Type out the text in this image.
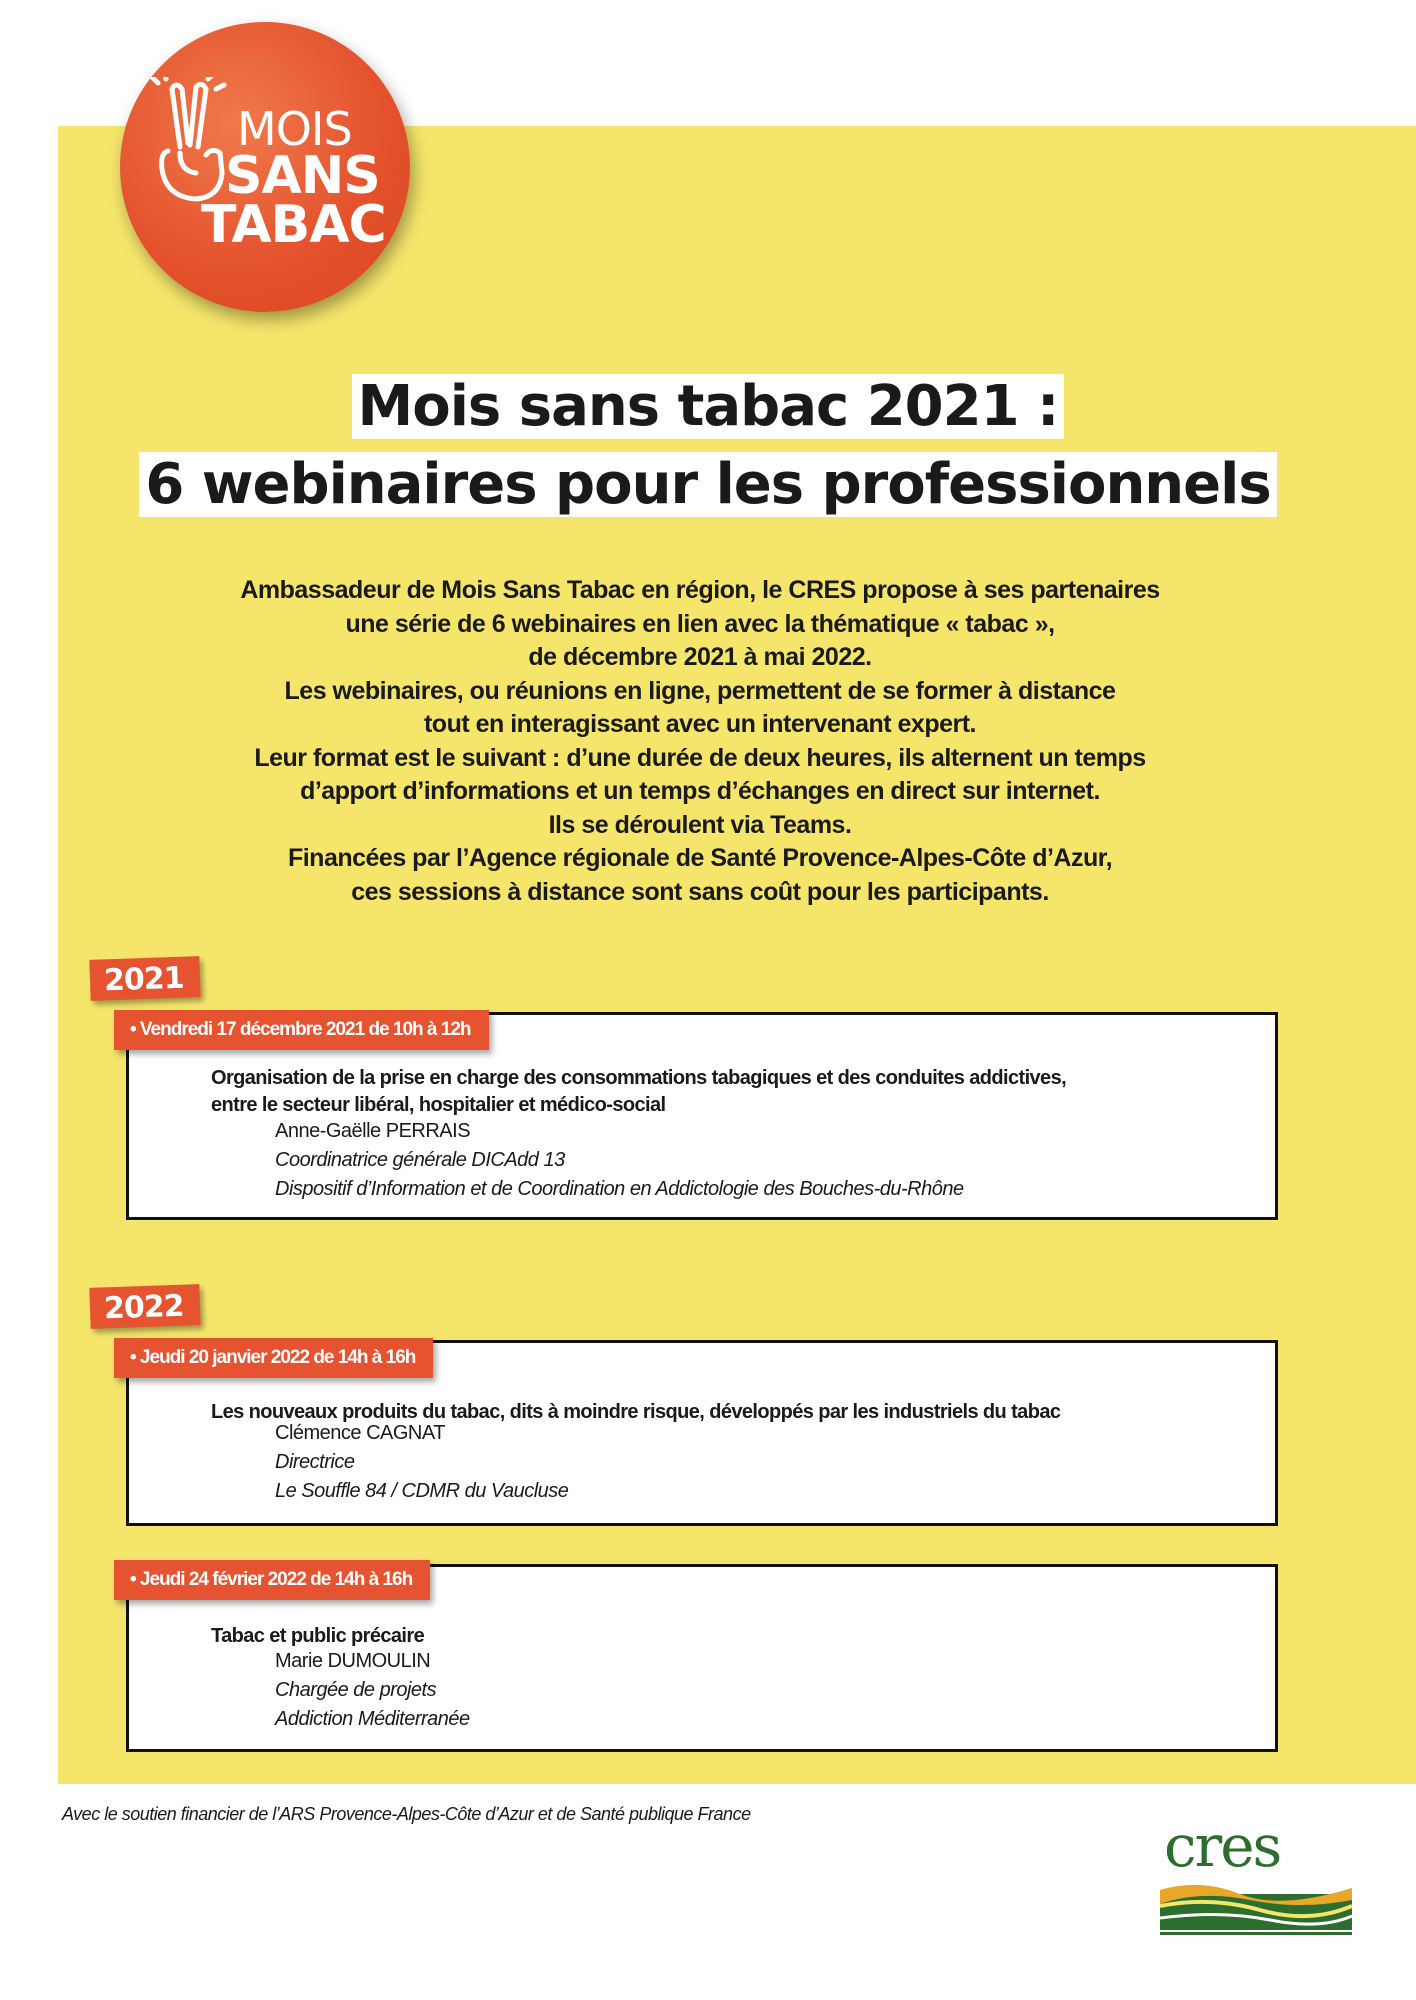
MOIS
SANS
TABAC
Mois sans tabac 2021 :
6 webinaires pour les professionnels
Ambassadeur de Mois Sans Tabac en région, le CRES propose à ses partenaires
une série de 6 webinaires en lien avec la thématique « tabac »,
de décembre 2021 à mai 2022.
Les webinaires, ou réunions en ligne, permettent de se former à distance
tout en interagissant avec un intervenant expert.
Leur format est le suivant : d’une durée de deux heures, ils alternent un temps
d’apport d’informations et un temps d’échanges en direct sur internet.
Ils se déroulent via Teams.
Financées par l’Agence régionale de Santé Provence-Alpes-Côte d’Azur,
ces sessions à distance sont sans coût pour les participants.
2021
Organisation de la prise en charge des consommations tabagiques et des conduites addictives,
entre le secteur libéral, hospitalier et médico-social
Anne-Gaëlle PERRAIS
Coordinatrice générale DICAdd 13
Dispositif d’Information et de Coordination en Addictologie des Bouches-du-Rhône
• Vendredi 17 décembre 2021 de 10h à 12h
2022
Les nouveaux produits du tabac, dits à moindre risque, développés par les industriels du tabac
Clémence CAGNAT
Directrice
Le Souffle 84 / CDMR du Vaucluse
• Jeudi 20 janvier 2022 de 14h à 16h
Tabac et public précaire
Marie DUMOULIN
Chargée de projets
Addiction Méditerranée
• Jeudi 24 février 2022 de 14h à 16h
Avec le soutien financier de l’ARS Provence-Alpes-Côte d’Azur et de Santé publique France	cres
